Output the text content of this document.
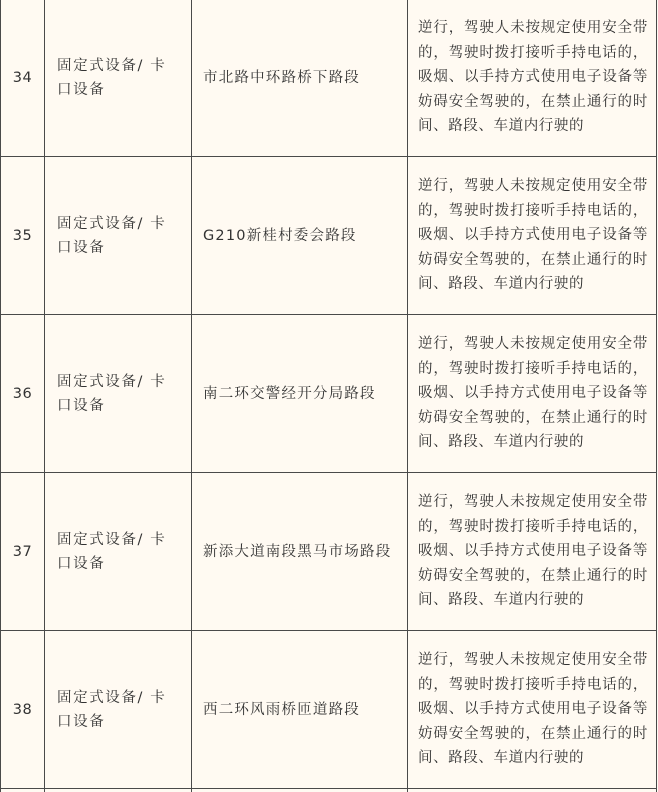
34	固定式设备/ 卡口设备	市北路中环路桥下路段	逆行，驾驶人未按规定使用安全带的，驾驶时拨打接听手持电话的，吸烟、以手持方式使用电子设备等妨碍安全驾驶的，在禁止通行的时间、路段、车道内行驶的
35	固定式设备/ 卡口设备	G210新桂村委会路段	逆行，驾驶人未按规定使用安全带的，驾驶时拨打接听手持电话的，吸烟、以手持方式使用电子设备等妨碍安全驾驶的，在禁止通行的时间、路段、车道内行驶的
36	固定式设备/ 卡口设备	南二环交警经开分局路段	逆行，驾驶人未按规定使用安全带的，驾驶时拨打接听手持电话的，吸烟、以手持方式使用电子设备等妨碍安全驾驶的，在禁止通行的时间、路段、车道内行驶的
37	固定式设备/ 卡口设备	新添大道南段黑马市场路段	逆行，驾驶人未按规定使用安全带的，驾驶时拨打接听手持电话的，吸烟、以手持方式使用电子设备等妨碍安全驾驶的，在禁止通行的时间、路段、车道内行驶的
38	固定式设备/ 卡口设备	西二环风雨桥匝道路段	逆行，驾驶人未按规定使用安全带的，驾驶时拨打接听手持电话的，吸烟、以手持方式使用电子设备等妨碍安全驾驶的，在禁止通行的时间、路段、车道内行驶的
